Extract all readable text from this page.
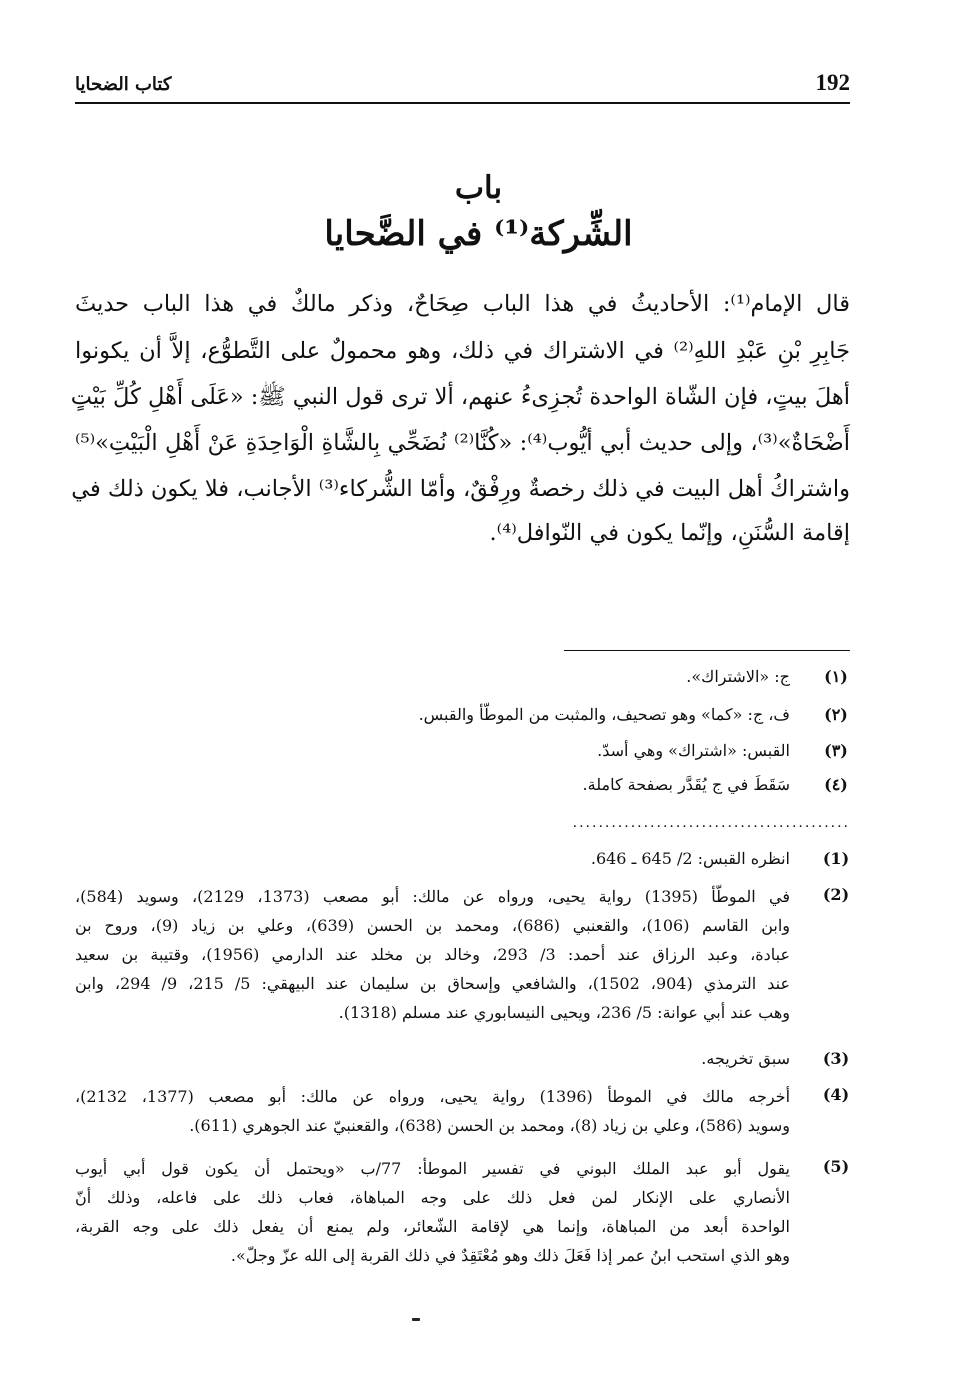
كتاب الضحايا	192
باب
الشِّركة⁽¹⁾ في الضَّحايا
قال الإمام⁽¹⁾: الأحاديثُ في هذا الباب صِحَاحٌ، وذكر مالكٌ في هذا الباب حديثَ
جَابِرِ بْنِ عَبْدِ اللهِ⁽²⁾ في الاشتراك في ذلك، وهو محمولٌ على التَّطوُّع، إلاَّ أن يكونوا
أهلَ بيتٍ، فإن الشّاة الواحدة تُجزِىءُ عنهم، ألا ترى قول النبي ﷺ: «عَلَى أَهْلِ كُلِّ بَيْتٍ
أَضْحَاةٌ»⁽³⁾، وإلى حديث أبي أيُّوب⁽⁴⁾: «كُنَّا⁽²⁾ نُضَحِّي بِالشَّاةِ الْوَاحِدَةِ عَنْ أَهْلِ الْبَيْتِ»⁽⁵⁾
واشتراكُ أهل البيت في ذلك رخصةٌ ورِفْقٌ، وأمّا الشُّركاء⁽³⁾ الأجانب، فلا يكون ذلك في
إقامة السُّنَنِ، وإنّما يكون في النّوافل⁽⁴⁾.
(١)
ج: «الاشتراك».
(٢)
ف، ج: «كما» وهو تصحيف، والمثبت من الموطّأ والقبس.
(٣)
القبس: «اشتراك» وهي أسدّ.
(٤)
سَقَطَ في ج يُقَدَّر بصفحة كاملة.
...........................................
(1)
انظره القبس: 2/ 645 ـ 646.
(2)
في الموطّأ (1395) رواية يحيى، ورواه عن مالك: أبو مصعب (1373، 2129)، وسويد (584)،
وابن القاسم (106)، والقعنبي (686)، ومحمد بن الحسن (639)، وعلي بن زياد (9)، وروح بن
عبادة، وعبد الرزاق عند أحمد: 3/ 293، وخالد بن مخلد عند الدارمي (1956)، وقتيبة بن سعيد
عند الترمذي (904، 1502)، والشافعي وإسحاق بن سليمان عند البيهقي: 5/ 215، 9/ 294، وابن
وهب عند أبي عوانة: 5/ 236، ويحيى النيسابوري عند مسلم (1318).
(3)
سبق تخريجه.
(4)
أخرجه مالك في الموطأ (1396) رواية يحيى، ورواه عن مالك: أبو مصعب (1377، 2132)،
وسويد (586)، وعلي بن زياد (8)، ومحمد بن الحسن (638)، والقعنبيّ عند الجوهري (611).
(5)
يقول أبو عبد الملك البوني في تفسير الموطأ: 77/ب «ويحتمل أن يكون قول أبي أيوب
الأنصاري على الإنكار لمن فعل ذلك على وجه المباهاة، فعاب ذلك على فاعله، وذلك أنّ
الواحدة أبعد من المباهاة، وإنما هي لإقامة الشّعائر، ولم يمنع أن يفعل ذلك على وجه القربة،
وهو الذي استحب ابنُ عمر إذا فَعَلَ ذلك وهو مُعْتَقِدٌ في ذلك القربة إلى الله عزّ وجلّ».
